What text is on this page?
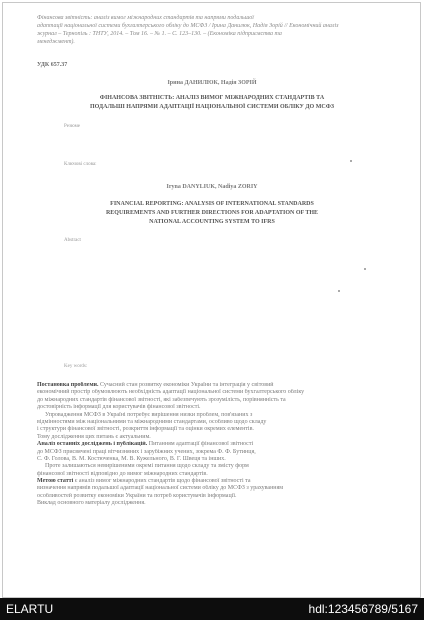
Фінансова звітність: аналіз вимог міжнародних стандартів та напрями подальшої
адаптації національної системи бухгалтерського обліку до МСФЗ / Ірина Данилюк, Надія Зорій // Економічний аналіз
журнал – Тернопіль : ТНТУ, 2014. – Том 16. – № 1. – С. 123–130. – (Економіка підприємства та
менеджмент).
УДК 657.37
Ірина ДАНИЛЮК, Надія ЗОРІЙ
ФІНАНСОВА ЗВІТНІСТЬ: АНАЛІЗ ВИМОГ МІЖНАРОДНИХ СТАНДАРТІВ ТА
ПОДАЛЬШІ НАПРЯМИ АДАПТАЦІЇ НАЦІОНАЛЬНОЇ СИСТЕМИ ОБЛІКУ ДО МСФЗ
Резюме
Ключові слова:
Iryna DANYLIUK, Nadiya ZORIY
FINANCIAL REPORTING: ANALYSIS OF INTERNATIONAL STANDARDS
REQUIREMENTS AND FURTHER DIRECTIONS FOR ADAPTATION OF THE
NATIONAL ACCOUNTING SYSTEM TO IFRS
Abstract
Key words:
Постановка проблеми. Сучасний стан розвитку економіки України та інтеграція у світовий
економічний простір обумовлюють необхідність адаптації національної системи бухгалтерського обліку
до міжнародних стандартів фінансової звітності, які забезпечують зрозумілість, порівнянність та
достовірність інформації для користувачів фінансової звітності.
Упровадження МСФЗ в Україні потребує вирішення низки проблем, пов'язаних з
відмінностями між національними та міжнародними стандартами, особливо щодо складу
і структури фінансової звітності, розкриття інформації та оцінки окремих елементів.
Тому дослідження цих питань є актуальним.
Аналіз останніх досліджень і публікацій. Питанням адаптації фінансової звітності
до МСФЗ присвячені праці вітчизняних і зарубіжних учених, зокрема Ф. Ф. Бутинця,
С. Ф. Голова, В. М. Костюченка, М. В. Кужельного, В. Г. Швеця та інших.
Проте залишаються невирішеними окремі питання щодо складу та змісту форм
фінансової звітності відповідно до вимог міжнародних стандартів.
Метою статті є аналіз вимог міжнародних стандартів щодо фінансової звітності та
визначення напрямів подальшої адаптації національної системи обліку до МСФЗ з урахуванням
особливостей розвитку економіки України та потреб користувачів інформації.
Виклад основного матеріалу дослідження.
ELARTU	hdl:123456789/5167
